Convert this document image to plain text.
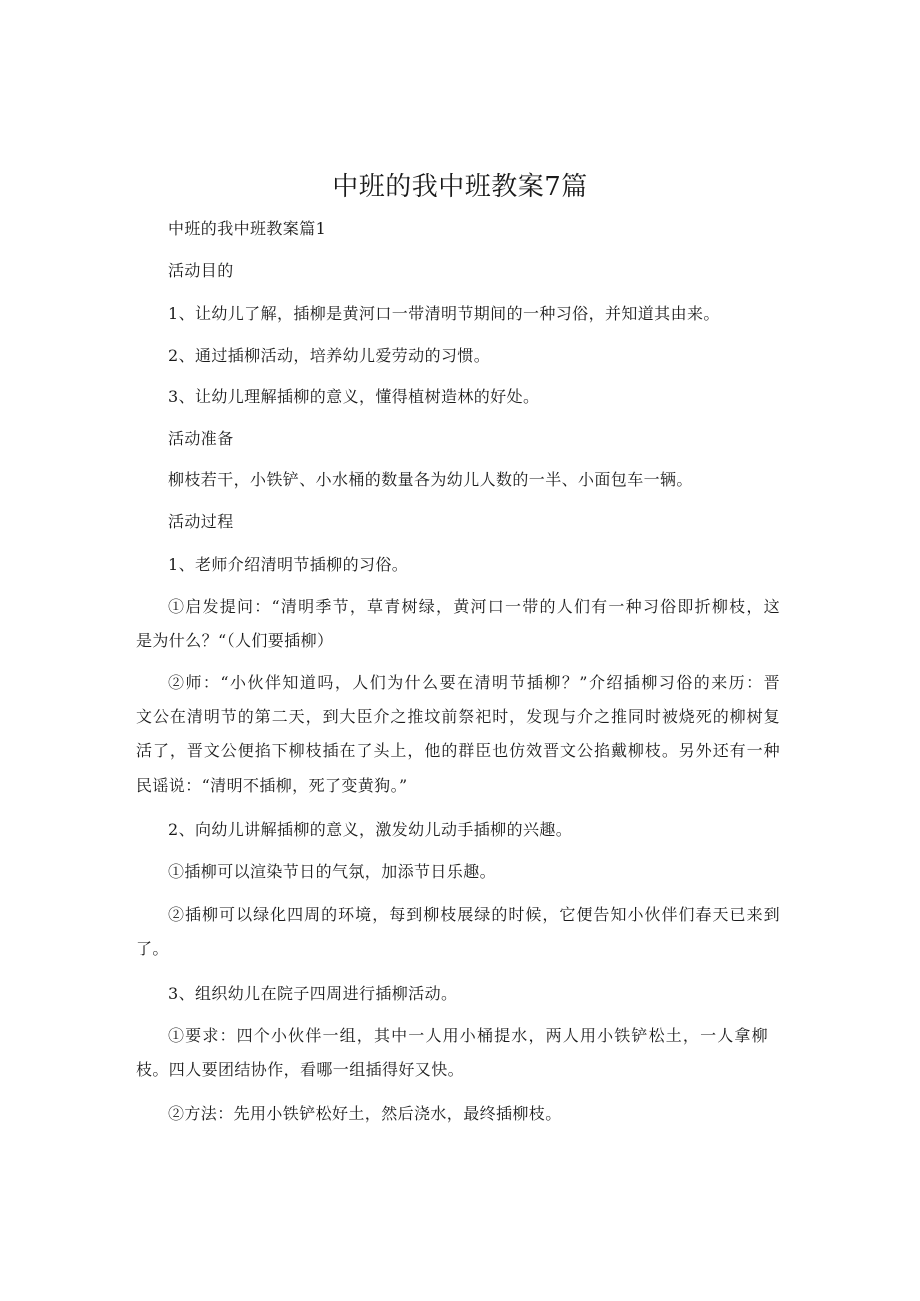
中班的我中班教案7篇
中班的我中班教案篇1
活动目的
1、让幼儿了解，插柳是黄河口一带清明节期间的一种习俗，并知道其由来。
2、通过插柳活动，培养幼儿爱劳动的习惯。
3、让幼儿理解插柳的意义，懂得植树造林的好处。
活动准备
柳枝若干，小铁铲、小水桶的数量各为幼儿人数的一半、小面包车一辆。
活动过程
1、老师介绍清明节插柳的习俗。
①启发提问：“清明季节，草青树绿，黄河口一带的人们有一种习俗即折柳枝，这
是为什么？“（人们要插柳）
②师：“小伙伴知道吗，人们为什么要在清明节插柳？”介绍插柳习俗的来历：晋
文公在清明节的第二天，到大臣介之推坟前祭祀时，发现与介之推同时被烧死的柳树复
活了，晋文公便掐下柳枝插在了头上，他的群臣也仿效晋文公掐戴柳枝。另外还有一种
民谣说：“清明不插柳，死了变黄狗。”
2、向幼儿讲解插柳的意义，激发幼儿动手插柳的兴趣。
①插柳可以渲染节日的气氛，加添节日乐趣。
②插柳可以绿化四周的环境，每到柳枝展绿的时候，它便告知小伙伴们春天已来到
了。
3、组织幼儿在院子四周进行插柳活动。
①要求：四个小伙伴一组，其中一人用小桶提水，两人用小铁铲松土，一人拿柳
枝。四人要团结协作，看哪一组插得好又快。
②方法：先用小铁铲松好土，然后浇水，最终插柳枝。
